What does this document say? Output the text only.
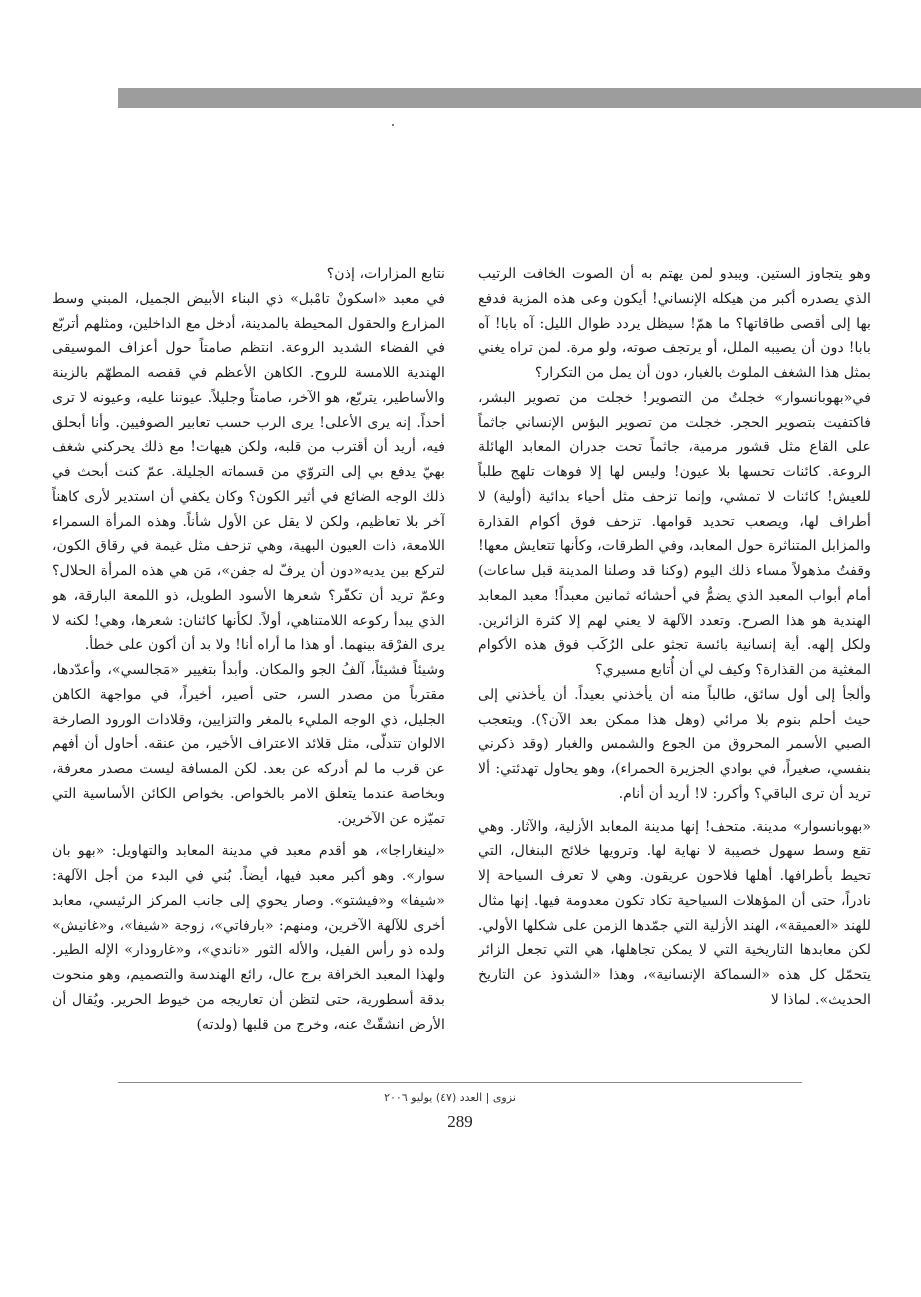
وهو يتجاوز الستين. ويبدو لمن يهتم به أن الصوت الخافت الرتيب الذي يصدره أكبر من هيكله الإنساني! أيكون وعى هذه المزية فدفع بها إلى أقصى طاقاتها؟ ما همّ! سيظل يردد طوال الليل: آه بابا! آه بابا! دون أن يصيبه الملل، أو يرتجف صوته، ولو مرة. لمن تراه يغني بمثل هذا الشغف الملوث بالغبار، دون أن يمل من التكرار؟

في«بهوبانسوار» خجلتُ من التصوير! خجلت من تصوير البشر، فاكتفيت بتصوير الحجر. خجلت من تصوير البؤس الإنساني جاثماً على القاع مثل قشور مرمية، جاثماً تحت جدران المعابد الهائلة الروعة. كائنات تحسها بلا عيون! وليس لها إلا فوهات تلهج طلباً للعيش! كائنات لا تمشي، وإنما تزحف مثل أحياء بدائية (أولية) لا أطراف لها، ويصعب تحديد قوامها. تزحف فوق أكوام القذارة والمزابل المتناثرة حول المعابد، وفي الطرقات، وكأنها تتعايش معها! وقفتُ مذهولاً مساء ذلك اليوم (وكنا قد وصلنا المدينة قبل ساعات) أمام أبواب المعبد الذي يضمُّ في أحشائه ثمانين معبداً! معبد المعابد الهندية هو هذا الصرح. وتعدد الآلهة لا يعني لهم إلا كثرة الزائرين. ولكل إلهه. أية إنسانية بائسة تجثو على الرُكَب فوق هذه الأكوام المغثية من القذارة؟ وكيف لي أن أُتابع مسيري؟

وألجأ إلى أول سائق، طالباً منه أن يأخذني بعيداً. أن يأخذني إلى حيث أحلم بنوم بلا مرائي (وهل هذا ممكن بعد الآن؟). ويتعجب الصبي الأسمر المحروق من الجوع والشمس والغبار (وقد ذكرني بنفسي، صغيراً، في بوادي الجزيرة الحمراء)، وهو يحاول تهدئتي: ألا تريد أن ترى الباقي؟ وأكرر: لا! أريد أن أنام.

«بهوبانسوار» مدينة. متحف! إنها مدينة المعابد الأزلية، والآثار. وهي تقع وسط سهول خصيبة لا نهاية لها. وترويها خلائج البنغال، التي تحيط بأطرافها. أهلها فلاحون عريقون. وهي لا تعرف السياحة إلا نادراً، حتى أن المؤهلات السياحية تكاد تكون معدومة فيها. إنها مثال للهند «العميقة»، الهند الأزلية التي جمّدها الزمن على شكلها الأولي. لكن معابدها التاريخية التي لا يمكن تجاهلها، هي التي تجعل الزائر يتحمّل كل هذه «السماكة الإنسانية»، وهذا «الشذوذ عن التاريخ الحديث». لماذا لا

نتابع المزارات، إذن؟

في معبد «اسكونْ تامْبل» ذي البناء الأبيض الجميل، المبني وسط المزارع والحقول المحيطة بالمدينة، أدخل مع الداخلين، ومثلهم أتربّع في الفضاء الشديد الروعة. انتظم صامتاً حول أعزاف الموسيقى الهندية اللامسة للروح. الكاهن الأعظم في قفصه المطهّم بالزينة والأساطير، يتربّع، هو الآخر، صامتاً وجليلاً. عيوننا عليه، وعيونه لا ترى أحداً. إنه يرى الأعلى! يرى الرب حسب تعابير الصوفيين. وأنا أبحلق فيه، أريد أن أقترب من قلبه، ولكن هيهات! مع ذلك يحركني شغف بهيّ يدفع بي إلى التروّي من قسماته الجليلة. عمّ كنت أبحث في ذلك الوجه الضائع في أثير الكون؟ وكان يكفي أن استدير لأرى كاهناً آخر بلا تعاظيم، ولكن لا يقل عن الأول شأناً. وهذه المرأة السمراء اللامعة، ذات العيون البهية، وهي تزحف مثل غيمة في رقاق الكون، لتركع بين يديه«دون أن يرفّ له جفن»، مَن هي هذه المرأة الحلال؟ وعمّ تريد أن تكفّر؟ شعرها الأسود الطويل، ذو اللمعة البارقة، هو الذي يبدأ ركوعه اللامتناهي، أولاً. لكأنها كائنان: شعرها، وهي! لكنه لا يرى الفرْقة بينهما. أو هذا ما أراه أنا! ولا بد أن أكون على خطأ.

وشيئاً فشيئاً، آلفُ الجو والمكان. وأبدأ بتغيير «مَجالسي»، وأعدّدها، مقترباً من مصدر السر، حتى أصير، أخيراً، في مواجهة الكاهن الجليل، ذي الوجه المليء بالمغر والتزايين، وقلادات الورود الصارخة الالوان تتدلّى، مثل قلائد الاعتراف الأخير، من عنقه. أحاول أن أفهم عن قرب ما لم أدركه عن بعد. لكن المسافة ليست مصدر معرفة، وبخاصة عندما يتعلق الامر بالخواص. بخواص الكائن الأساسية التي تميّزه عن الآخرين.

«لينغاراجا»، هو أقدم معبد في مدينة المعابد والتهاويل: «بهو بان سوار». وهو أكبر معبد فيها، أيضاً. بُني في البدء من أجل الآلهة: «شيفا» و«فيشتو». وصار يحوي إلى جانب المركز الرئيسي، معابد أخرى للآلهة الآخرين، ومنهم: «بارفاتي»، زوجة «شيفا»، و«غانيش» ولده ذو رأس الفيل، والأله الثور «ناندي»، و«غارودار» الإله الطير. ولهذا المعبد الخرافة برج عال، رائع الهندسة والتصميم، وهو منحوت بدقة أسطورية، حتى لتظن أن تعاريجه من خيوط الحرير. ويُقال أن الأرض انشقّتْ عنه، وخرج من قلبها (ولدته)

نزوى | العدد (٤٧) يوليو ٢٠٠٦
289
